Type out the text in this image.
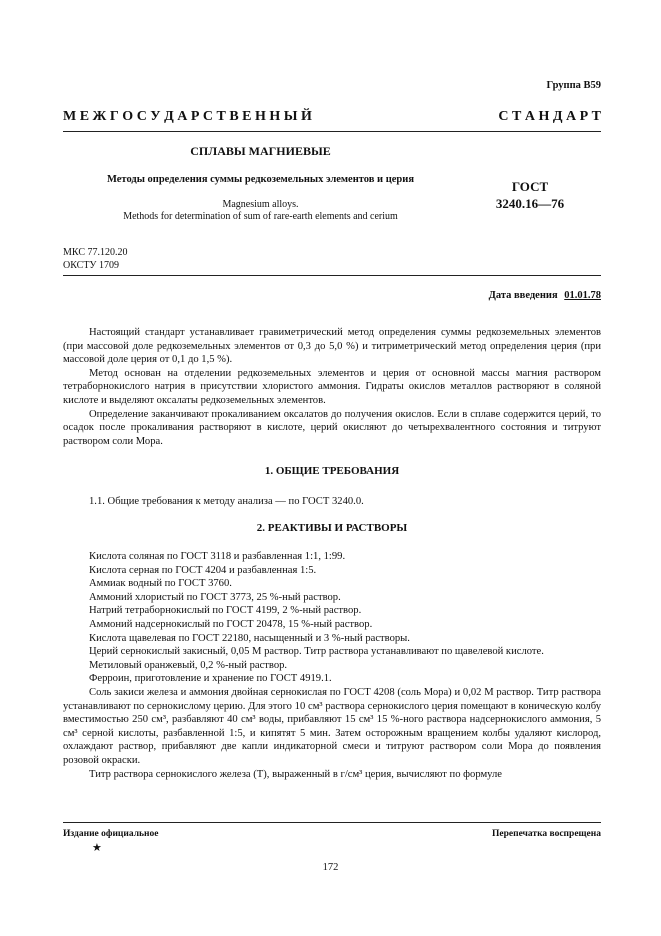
Группа В59
М Е Ж Г О С У Д А Р С Т В Е Н Н Ы Й	С Т А Н Д А Р Т
СПЛАВЫ МАГНИЕВЫЕ
Методы определения суммы редкоземельных элементов и церия
Magnesium alloys.
Methods for determination of sum of rare-earth elements and cerium
ГОСТ
3240.16—76
МКС 77.120.20
ОКСТУ 1709
Дата введения 01.01.78

Настоящий стандарт устанавливает гравиметрический метод определения суммы редкоземельных элементов (при массовой доле редкоземельных элементов от 0,3 до 5,0 %) и титриметрический метод определения церия (при массовой доле церия от 0,1 до 1,5 %).

Метод основан на отделении редкоземельных элементов и церия от основной массы магния раствором тетраборнокислого натрия в присутствии хлористого аммония. Гидраты окислов металлов растворяют в соляной кислоте и выделяют оксалаты редкоземельных элементов.

Определение заканчивают прокаливанием оксалатов до получения окислов. Если в сплаве содержится церий, то осадок после прокаливания растворяют в кислоте, церий окисляют до четырехвалентного состояния и титруют раствором соли Мора.

1. ОБЩИЕ ТРЕБОВАНИЯ

1.1. Общие требования к методу анализа — по ГОСТ 3240.0.

2. РЕАКТИВЫ И РАСТВОРЫ

Кислота соляная по ГОСТ 3118 и разбавленная 1:1, 1:99.

Кислота серная по ГОСТ 4204 и разбавленная 1:5.

Аммиак водный по ГОСТ 3760.

Аммоний хлористый по ГОСТ 3773, 25 %-ный раствор.

Натрий тетраборнокислый по ГОСТ 4199, 2 %-ный раствор.

Аммоний надсернокислый по ГОСТ 20478, 15 %-ный раствор.

Кислота щавелевая по ГОСТ 22180, насыщенный и 3 %-ный растворы.

Церий сернокислый закисный, 0,05 М раствор. Титр раствора устанавливают по щавелевой кислоте.

Метиловый оранжевый, 0,2 %-ный раствор.

Ферроин, приготовление и хранение по ГОСТ 4919.1.

Соль закиси железа и аммония двойная сернокислая по ГОСТ 4208 (соль Мора) и 0,02 М раствор. Титр раствора устанавливают по сернокислому церию. Для этого 10 см³ раствора сернокислого церия помещают в коническую колбу вместимостью 250 см³, разбавляют 40 см³ воды, прибавляют 15 см³ 15 %-ного раствора надсернокислого аммония, 5 см³ серной кислоты, разбавленной 1:5, и кипятят 5 мин. Затем осторожным вращением колбы удаляют кислород, охлаждают раствор, прибавляют две капли индикаторной смеси и титруют раствором соли Мора до появления розовой окраски.

Титр раствора сернокислого железа (T), выраженный в г/см³ церия, вычисляют по формуле

Издание официальное	Перепечатка воспрещена
★
172
